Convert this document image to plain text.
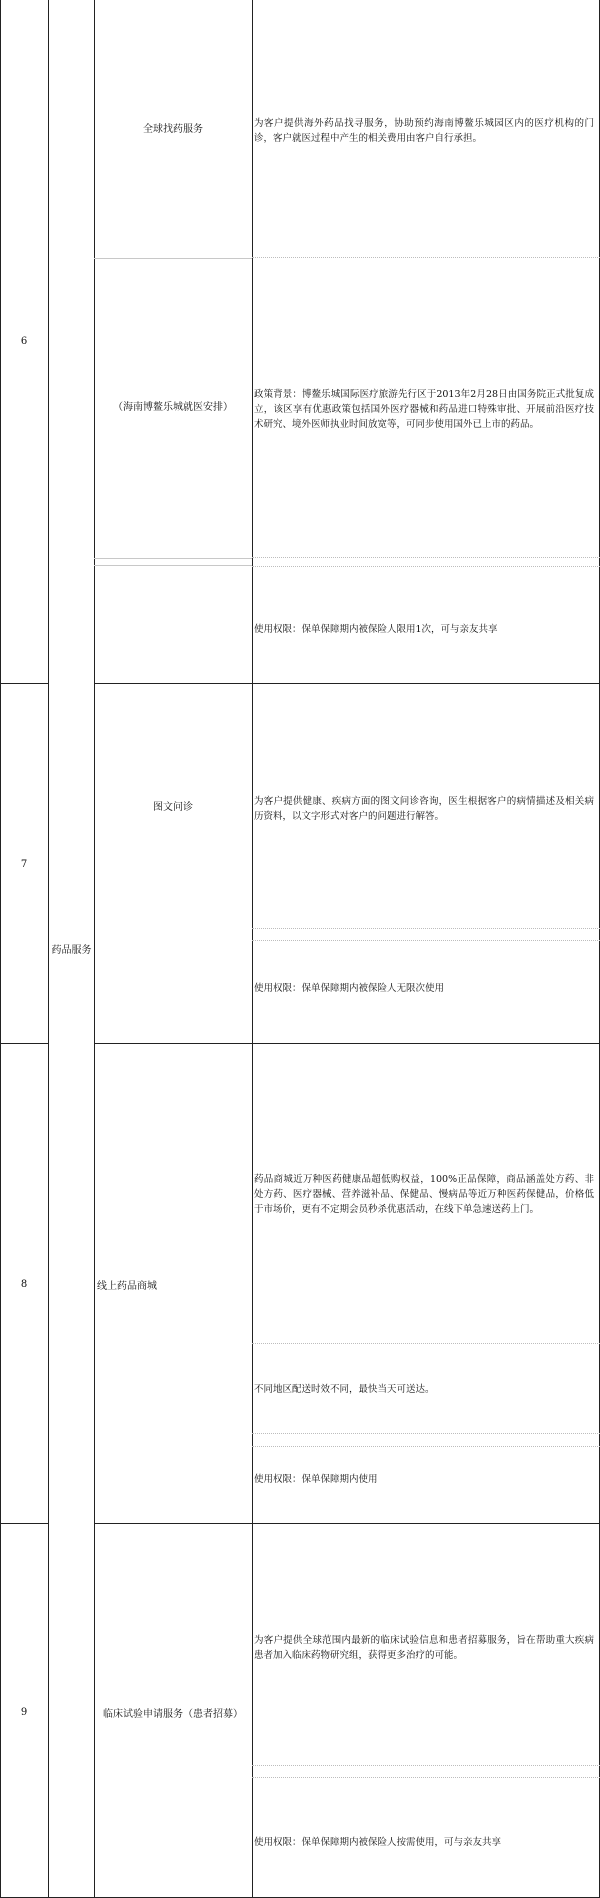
药品服务
6
全球找药服务
（海南博鳌乐城就医安排）
为客户提供海外药品找寻服务，协助预约海南博鳌乐城园区内的医疗机构的门诊，客户就医过程中产生的相关费用由客户自行承担。
政策背景：博鳌乐城国际医疗旅游先行区于2013年2月28日由国务院正式批复成立，该区享有优惠政策包括国外医疗器械和药品进口特殊审批、开展前沿医疗技术研究、境外医师执业时间放宽等，可同步使用国外已上市的药品。
使用权限：保单保障期内被保险人限用1次，可与亲友共享
7
图文问诊
为客户提供健康、疾病方面的图文问诊咨询，医生根据客户的病情描述及相关病历资料，以文字形式对客户的问题进行解答。
使用权限：保单保障期内被保险人无限次使用
8	线上药品商城
药品商城近万种医药健康品超低购权益，100%正品保障，商品涵盖处方药、非处方药、医疗器械、营养滋补品、保健品、慢病品等近万种医药保健品，价格低于市场价，更有不定期会员秒杀优惠活动，在线下单急速送药上门。
不同地区配送时效不同，最快当天可送达。
使用权限：保单保障期内使用
9	临床试验申请服务（患者招募）
为客户提供全球范围内最新的临床试验信息和患者招募服务，旨在帮助重大疾病患者加入临床药物研究组，获得更多治疗的可能。
使用权限：保单保障期内被保险人按需使用，可与亲友共享
